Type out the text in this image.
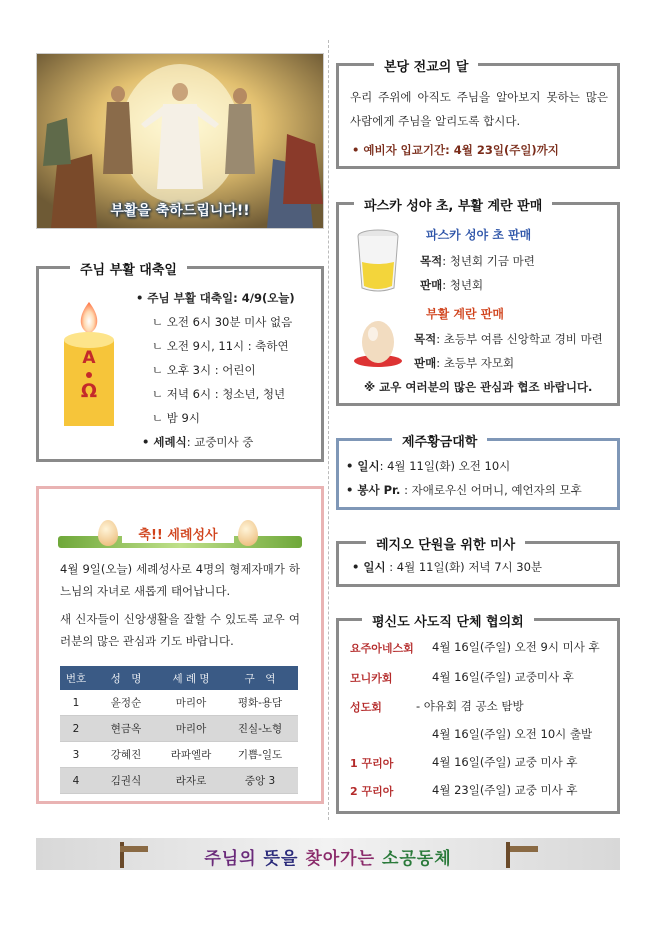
부활을 축하드립니다!!
주님 부활 대축일
A
Ω
• 주님 부활 대축일: 4/9(오늘)
ㄴ 오전 6시 30분 미사 없음
ㄴ 오전 9시, 11시 : 축하연
ㄴ 오후 3시 : 어린이
ㄴ 저녁 6시 : 청소년, 청년
ㄴ 밤 9시
• 세례식: 교중미사 중
축!! 세례성사
4월 9일(오늘) 세례성사로 4명의 형제자매가 하느님의 자녀로 새롭게 태어납니다.
새 신자들이 신앙생활을 잘할 수 있도록 교우 여러분의 많은 관심과 기도 바랍니다.
번호	성　명	세 례 명	구　역
1	윤정순	마리아	평화-용담
2	현금옥	마리아	진실-노형
3	강혜진	라파엘라	기쁨-일도
4	김권식	라자로	중앙 3
본당 전교의 달
우리 주위에 아직도 주님을 알아보지 못하는 많은 사람에게 주님을 알리도록 합시다.
• 예비자 입교기간: 4월 23일(주일)까지
파스카 성야 초, 부활 계란 판매
파스카 성야 초 판매
목적: 청년회 기금 마련
판매: 청년회
부활 계란 판매
목적: 초등부 여름 신앙학교 경비 마련
판매: 초등부 자모회
※ 교우 여러분의 많은 관심과 협조 바랍니다.
제주황금대학
• 일시: 4월 11일(화) 오전 10시
• 봉사 Pr. : 자애로우신 어머니, 예언자의 모후
레지오 단원을 위한 미사
• 일시 : 4월 11일(화) 저녁 7시 30분
평신도 사도직 단체 협의회
요주아네스회 4월 16일(주일) 오전 9시 미사 후
모니카회	4월 16일(주일) 교중미사 후
성도회	- 야유회 겸 공소 탐방
4월 16일(주일) 오전 10시 출발
1 꾸리아	4월 16일(주일) 교중 미사 후
2 꾸리아	4월 23일(주일) 교중 미사 후
주님의 뜻을 찾아가는 소공동체
